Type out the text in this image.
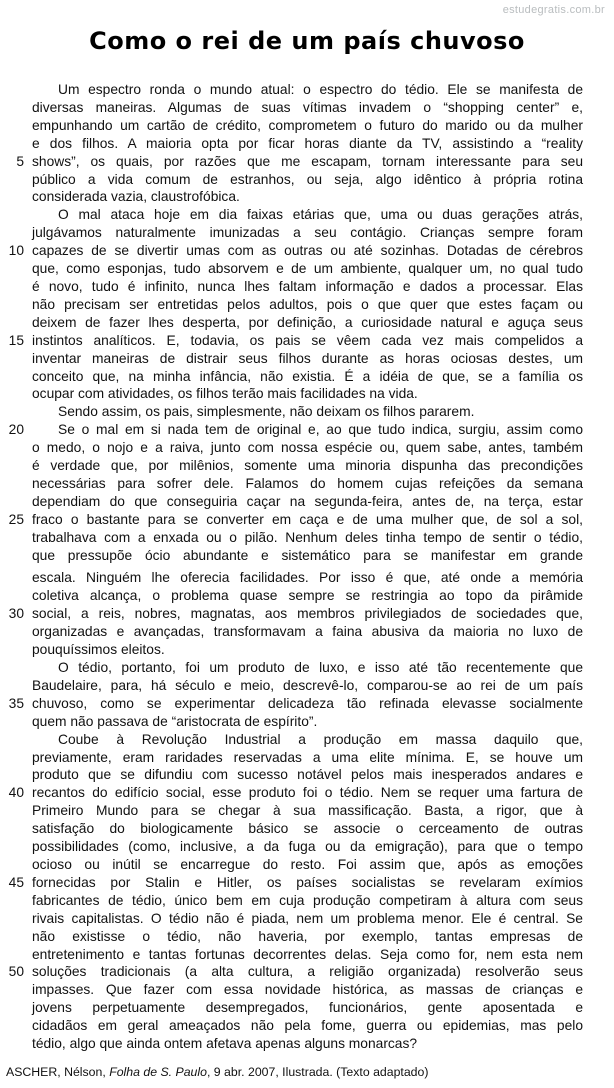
estudegratis.com.br
Como o rei de um país chuvoso
Um espectro ronda o mundo atual: o espectro do tédio. Ele se manifesta de
diversas maneiras. Algumas de suas vítimas invadem o “shopping center” e,
empunhando um cartão de crédito, comprometem o futuro do marido ou da mulher
e dos filhos. A maioria opta por ficar horas diante da TV, assistindo a “reality
5 shows”, os quais, por razões que me escapam, tornam interessante para seu
público a vida comum de estranhos, ou seja, algo idêntico à própria rotina
considerada vazia, claustrofóbica.
O mal ataca hoje em dia faixas etárias que, uma ou duas gerações atrás,
julgávamos naturalmente imunizadas a seu contágio. Crianças sempre foram
10 capazes de se divertir umas com as outras ou até sozinhas. Dotadas de cérebros
que, como esponjas, tudo absorvem e de um ambiente, qualquer um, no qual tudo
é novo, tudo é infinito, nunca lhes faltam informação e dados a processar. Elas
não precisam ser entretidas pelos adultos, pois o que quer que estes façam ou
deixem de fazer lhes desperta, por definição, a curiosidade natural e aguça seus
15 instintos analíticos. E, todavia, os pais se vêem cada vez mais compelidos a
inventar maneiras de distrair seus filhos durante as horas ociosas destes, um
conceito que, na minha infância, não existia. É a idéia de que, se a família os
ocupar com atividades, os filhos terão mais facilidades na vida.
Sendo assim, os pais, simplesmente, não deixam os filhos pararem.
20	Se o mal em si nada tem de original e, ao que tudo indica, surgiu, assim como
o medo, o nojo e a raiva, junto com nossa espécie ou, quem sabe, antes, também
é verdade que, por milênios, somente uma minoria dispunha das precondições
necessárias para sofrer dele. Falamos do homem cujas refeições da semana
dependiam do que conseguiria caçar na segunda-feira, antes de, na terça, estar
25 fraco o bastante para se converter em caça e de uma mulher que, de sol a sol,
trabalhava com a enxada ou o pilão. Nenhum deles tinha tempo de sentir o tédio,
que pressupõe ócio abundante e sistemático para se manifestar em grande
escala. Ninguém lhe oferecia facilidades. Por isso é que, até onde a memória
coletiva alcança, o problema quase sempre se restringia ao topo da pirâmide
30 social, a reis, nobres, magnatas, aos membros privilegiados de sociedades que,
organizadas e avançadas, transformavam a faina abusiva da maioria no luxo de
pouquíssimos eleitos.
O tédio, portanto, foi um produto de luxo, e isso até tão recentemente que
Baudelaire, para, há século e meio, descrevê-lo, comparou-se ao rei de um país
35 chuvoso, como se experimentar delicadeza tão refinada elevasse socialmente
quem não passava de “aristocrata de espírito”.
Coube à Revolução Industrial a produção em massa daquilo que,
previamente, eram raridades reservadas a uma elite mínima. E, se houve um
produto que se difundiu com sucesso notável pelos mais inesperados andares e
40 recantos do edifício social, esse produto foi o tédio. Nem se requer uma fartura de
Primeiro Mundo para se chegar à sua massificação. Basta, a rigor, que à
satisfação do biologicamente básico se associe o cerceamento de outras
possibilidades (como, inclusive, a da fuga ou da emigração), para que o tempo
ocioso ou inútil se encarregue do resto. Foi assim que, após as emoções
45 fornecidas por Stalin e Hitler, os países socialistas se revelaram exímios
fabricantes de tédio, único bem em cuja produção competiram à altura com seus
rivais capitalistas. O tédio não é piada, nem um problema menor. Ele é central. Se
não existisse o tédio, não haveria, por exemplo, tantas empresas de
entretenimento e tantas fortunas decorrentes delas. Seja como for, nem esta nem
50 soluções tradicionais (a alta cultura, a religião organizada) resolverão seus
impasses. Que fazer com essa novidade histórica, as massas de crianças e
jovens perpetuamente desempregados, funcionários, gente aposentada e
cidadãos em geral ameaçados não pela fome, guerra ou epidemias, mas pelo
tédio, algo que ainda ontem afetava apenas alguns monarcas?
ASCHER, Nélson, Folha de S. Paulo, 9 abr. 2007, Ilustrada. (Texto adaptado)
